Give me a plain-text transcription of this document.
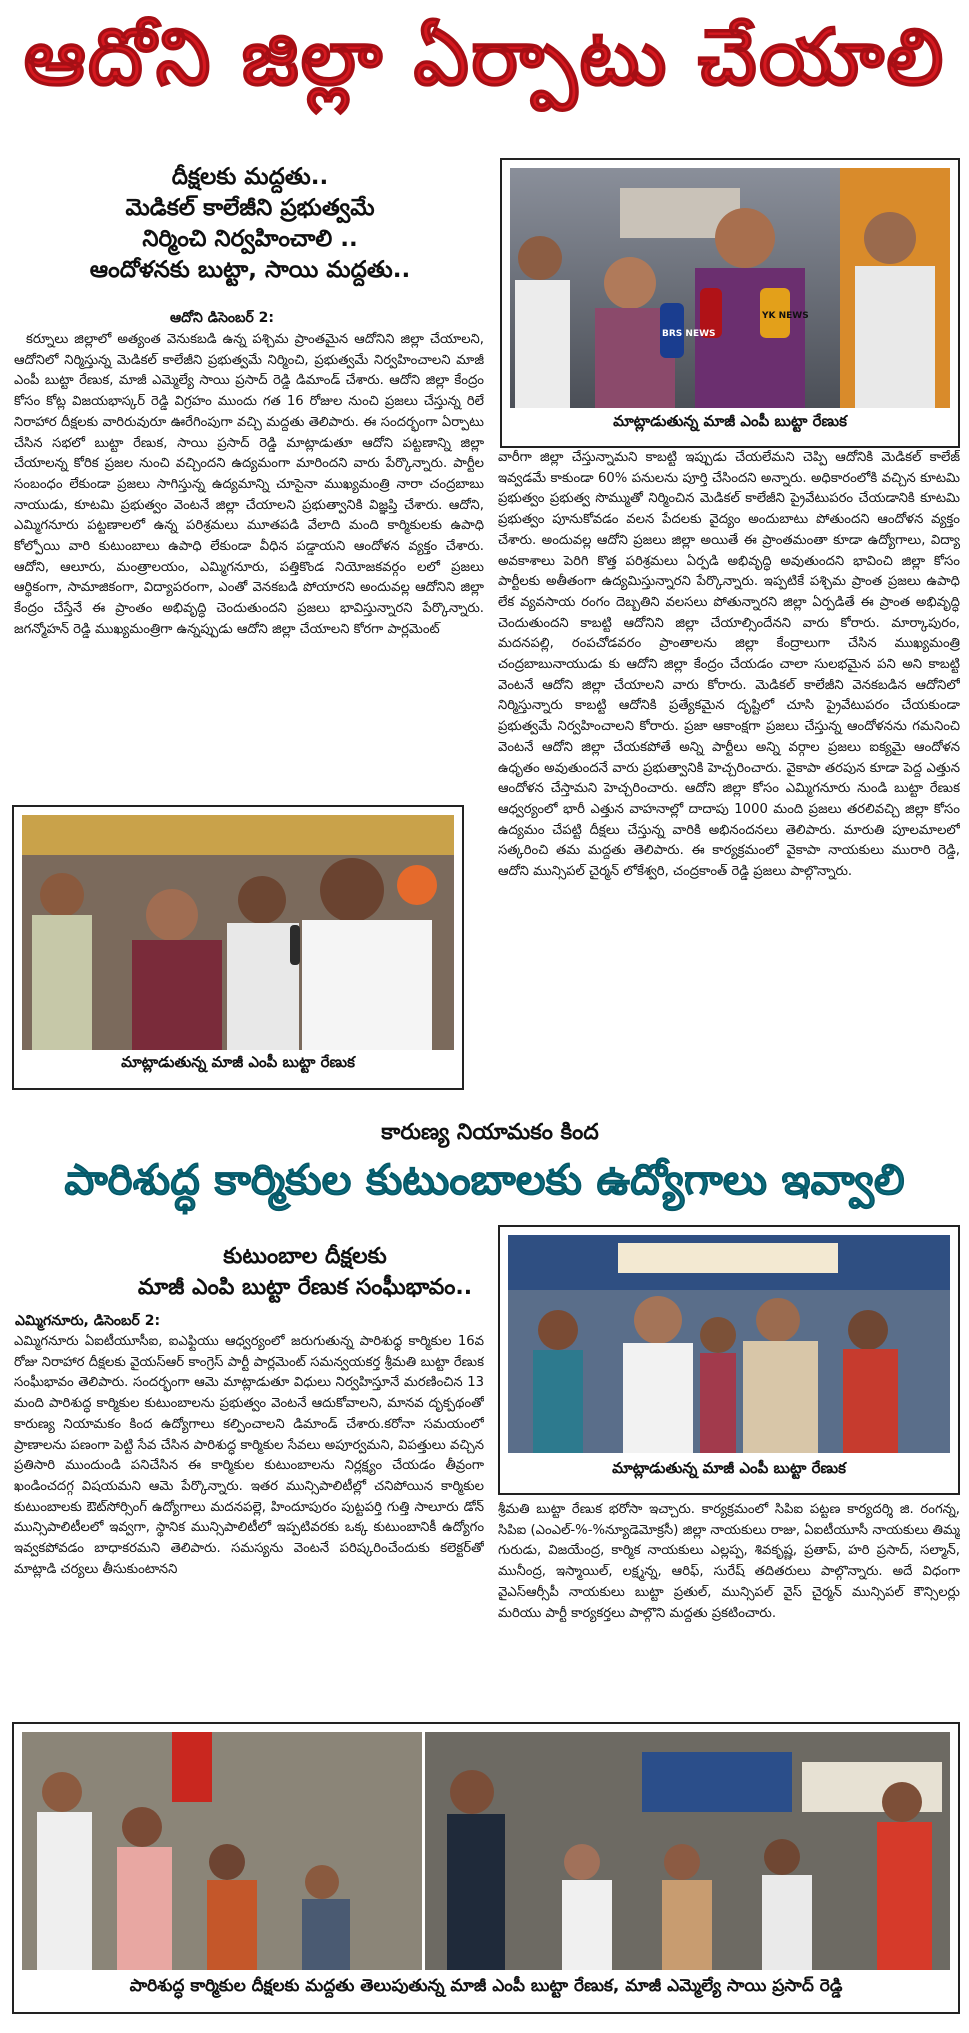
ఆదోని జిల్లా ఏర్పాటు చేయాలి
దీక్షలకు మద్దతు..
మెడికల్ కాలేజీని ప్రభుత్వమే
నిర్మించి నిర్వహించాలి ..
ఆందోళనకు బుట్టా, సాయి మద్దతు..
ఆదోని డిసెంబర్ 2:
కర్నూలు జిల్లాలో అత్యంత వెనుకబడి ఉన్న పశ్చిమ ప్రాంతమైన ఆదోనిని జిల్లా చేయాలని, ఆదోనిలో నిర్మిస్తున్న మెడికల్ కాలేజీని ప్రభుత్వమే నిర్మించి, ప్రభుత్వమే నిర్వహించాలని మాజీ ఎంపీ బుట్టా రేణుక, మాజీ ఎమ్మెల్యే సాయి ప్రసాద్ రెడ్డి డిమాండ్ చేశారు. ఆదోని జిల్లా కేంద్రం కోసం కోట్ల విజయభాస్కర్ రెడ్డి విగ్రహం ముందు గత 16 రోజుల నుంచి ప్రజలు చేస్తున్న రిలే నిరాహార దీక్షలకు వారిరువురూ ఊరేగింపుగా వచ్చి మద్దతు తెలిపారు. ఈ సందర్భంగా ఏర్పాటు చేసిన సభలో బుట్టా రేణుక, సాయి ప్రసాద్ రెడ్డి మాట్లాడుతూ ఆదోని పట్టణాన్ని జిల్లా చేయాలన్న కోరిక ప్రజల నుంచి వచ్చిందని ఉద్యమంగా మారిందని వారు పేర్కొన్నారు. పార్టీల సంబంధం లేకుండా ప్రజలు సాగిస్తున్న ఉద్యమాన్ని చూసైనా ముఖ్యమంత్రి నారా చంద్రబాబు నాయుడు, కూటమి ప్రభుత్వం వెంటనే జిల్లా చేయాలని ప్రభుత్వానికి విజ్ఞప్తి చేశారు. ఆదోని, ఎమ్మిగనూరు పట్టణాలలో ఉన్న పరిశ్రమలు మూతపడి వేలాది మంది కార్మికులకు ఉపాధి కోల్పోయి వారి కుటుంబాలు ఉపాధి లేకుండా వీధిన పడ్డాయని ఆందోళన వ్యక్తం చేశారు. ఆదోని, ఆలూరు, మంత్రాలయం, ఎమ్మిగనూరు, పత్తికొండ నియోజకవర్గం లలో ప్రజలు ఆర్థికంగా, సామాజికంగా, విద్యాపరంగా, ఎంతో వెనకబడి పోయారని అందువల్ల ఆదోనిని జిల్లా కేంద్రం చేస్తేనే ఈ ప్రాంతం అభివృద్ధి చెందుతుందని ప్రజలు భావిస్తున్నారని పేర్కొన్నారు. జగన్మోహన్ రెడ్డి ముఖ్యమంత్రిగా ఉన్నప్పుడు ఆదోని జిల్లా చేయాలని కోరగా పార్లమెంట్
BRS NEWS
YK NEWS
మాట్లాడుతున్న మాజీ ఎంపీ బుట్టా రేణుక
వారీగా జిల్లా చేస్తున్నామని కాబట్టి ఇప్పుడు చేయలేమని చెప్పి ఆదోనికి మెడికల్ కాలేజ్ ఇవ్వడమే కాకుండా 60% పనులను పూర్తి చేసిందని అన్నారు. అధికారంలోకి వచ్చిన కూటమి ప్రభుత్వం ప్రభుత్వ సొమ్ముతో నిర్మించిన మెడికల్ కాలేజీని ప్రైవేటుపరం చేయడానికి కూటమి ప్రభుత్వం పూనుకోవడం వలన పేదలకు వైద్యం అందుబాటు పోతుందని ఆందోళన వ్యక్తం చేశారు. అందువల్ల ఆదోని ప్రజలు జిల్లా అయితే ఈ ప్రాంతమంతా కూడా ఉద్యోగాలు, విద్యా అవకాశాలు పెరిగి కొత్త పరిశ్రమలు ఏర్పడి అభివృద్ధి అవుతుందని భావించి జిల్లా కోసం పార్టీలకు అతీతంగా ఉద్యమిస్తున్నారని పేర్కొన్నారు. ఇప్పటికే పశ్చిమ ప్రాంత ప్రజలు ఉపాధి లేక వ్యవసాయ రంగం దెబ్బతిని వలసలు పోతున్నారని జిల్లా ఏర్పడితే ఈ ప్రాంత అభివృద్ధి చెందుతుందని కాబట్టి ఆదోనిని జిల్లా చేయాల్సిందేనని వారు కోరారు. మార్కాపురం, మదనపల్లి, రంపచోడవరం ప్రాంతాలను జిల్లా కేంద్రాలుగా చేసిన ముఖ్యమంత్రి చంద్రబాబునాయుడు కు ఆదోని జిల్లా కేంద్రం చేయడం చాలా సులభమైన పని అని కాబట్టి వెంటనే ఆదోని జిల్లా చేయాలని వారు కోరారు. మెడికల్ కాలేజీని వెనకబడిన ఆదోనిలో నిర్మిస్తున్నారు కాబట్టి ఆదోనికి ప్రత్యేకమైన దృష్టిలో చూసి ప్రైవేటుపరం చేయకుండా ప్రభుత్వమే నిర్వహించాలని కోరారు. ప్రజా ఆకాంక్షగా ప్రజలు చేస్తున్న ఆందోళనను గమనించి వెంటనే ఆదోని జిల్లా చేయకపోతే అన్ని పార్టీలు అన్ని వర్గాల ప్రజలు ఐక్యమై ఆందోళన ఉధృతం అవుతుందనే వారు ప్రభుత్వానికి హెచ్చరించారు. వైకాపా తరపున కూడా పెద్ద ఎత్తున ఆందోళన చేస్తామని హెచ్చరించారు. ఆదోని జిల్లా కోసం ఎమ్మిగనూరు నుండి బుట్టా రేణుక ఆధ్వర్యంలో భారీ ఎత్తున వాహనాల్లో దాదాపు 1000 మంది ప్రజలు తరలివచ్చి జిల్లా కోసం ఉద్యమం చేపట్టి దీక్షలు చేస్తున్న వారికి అభినందనలు తెలిపారు. మారుతి పూలమాలలో సత్కరించి తమ మద్దతు తెలిపారు. ఈ కార్యక్రమంలో వైకాపా నాయకులు మురారి రెడ్డి, ఆదోని మున్సిపల్ చైర్మన్ లోకేశ్వరి, చంద్రకాంత్ రెడ్డి ప్రజలు పాల్గొన్నారు.
మాట్లాడుతున్న మాజీ ఎంపీ బుట్టా రేణుక
కారుణ్య నియామకం కింద
పారిశుద్ధ కార్మికుల కుటుంబాలకు ఉద్యోగాలు ఇవ్వాలి
కుటుంబాల దీక్షలకు
మాజీ ఎంపి బుట్టా రేణుక సంఘీభావం..
ఎమ్మిగనూరు, డిసెంబర్ 2:
ఎమ్మిగనూరు ఏఐటీయూసీఐ, ఐఎఫ్టియు ఆధ్వర్యంలో జరుగుతున్న పారిశుధ్ధ కార్మికుల 16వ రోజు నిరాహార దీక్షలకు వైయస్ఆర్ కాంగ్రెస్ పార్టీ పార్లమెంట్ సమన్వయకర్త శ్రీమతి బుట్టా రేణుక సంఘీభావం తెలిపారు. సందర్భంగా ఆమె మాట్లాడుతూ విధులు నిర్వహిస్తూనే మరణించిన 13 మంది పారిశుద్ధ కార్మికుల కుటుంబాలను ప్రభుత్వం వెంటనే ఆదుకోవాలని, మానవ దృక్పథంతో కారుణ్య నియామకం కింద ఉద్యోగాలు కల్పించాలని డిమాండ్ చేశారు.కరోనా సమయంలో ప్రాణాలను పణంగా పెట్టి సేవ చేసిన పారిశుద్ధ కార్మికుల సేవలు అపూర్వమని, విపత్తులు వచ్చిన ప్రతిసారి ముందుండి పనిచేసిన ఈ కార్మికుల కుటుంబాలను నిర్లక్ష్యం చేయడం తీవ్రంగా ఖండించదగ్గ విషయమని ఆమె పేర్కొన్నారు. ఇతర మున్సిపాలిటీల్లో చనిపోయిన కార్మికుల కుటుంబాలకు ఔట్‌సోర్సింగ్ ఉద్యోగాలు మదనపల్లె, హిందూపురం పుట్టపర్తి గుత్తి సాలూరు డోన్ మున్సిపాలిటీలలో ఇవ్వగా, స్థానిక మున్సిపాలిటీలో ఇప్పటివరకు ఒక్క కుటుంబానికీ ఉద్యోగం ఇవ్వకపోవడం బాధాకరమని తెలిపారు. సమస్యను వెంటనే పరిష్కరించేందుకు కలెక్టర్‌తో మాట్లాడి చర్యలు తీసుకుంటానని
మాట్లాడుతున్న మాజీ ఎంపీ బుట్టా రేణుక
శ్రీమతి బుట్టా రేణుక భరోసా ఇచ్చారు. కార్యక్రమంలో సిపిఐ పట్టణ కార్యదర్శి జి. రంగన్న, సిపిఐ (ఎంఎల్-%-%న్యూడెమోక్రసీ) జిల్లా నాయకులు రాజు, ఏఐటీయూసీ నాయకులు తిమ్మ గురుడు, విజయేంద్ర, కార్మిక నాయకులు ఎల్లప్ప, శివకృష్ణ, ప్రతాప్, హరి ప్రసాద్, సల్మాన్, మునీంద్ర, ఇస్మాయిల్, లక్ష్మన్న, ఆరిఫ్, సురేష్ తదితరులు పాల్గొన్నారు. అదే విధంగా వైఎస్ఆర్సీపీ నాయకులు బుట్టా ప్రతుల్, మున్సిపల్ వైస్ చైర్మన్ మున్సిపల్ కౌన్సిలర్లు మరియు పార్టీ కార్యకర్తలు పాల్గొని మద్దతు ప్రకటించారు.
పారిశుద్ధ కార్మికుల దీక్షలకు మద్దతు తెలుపుతున్న మాజీ ఎంపీ బుట్టా రేణుక, మాజీ ఎమ్మెల్యే సాయి ప్రసాద్ రెడ్డి
